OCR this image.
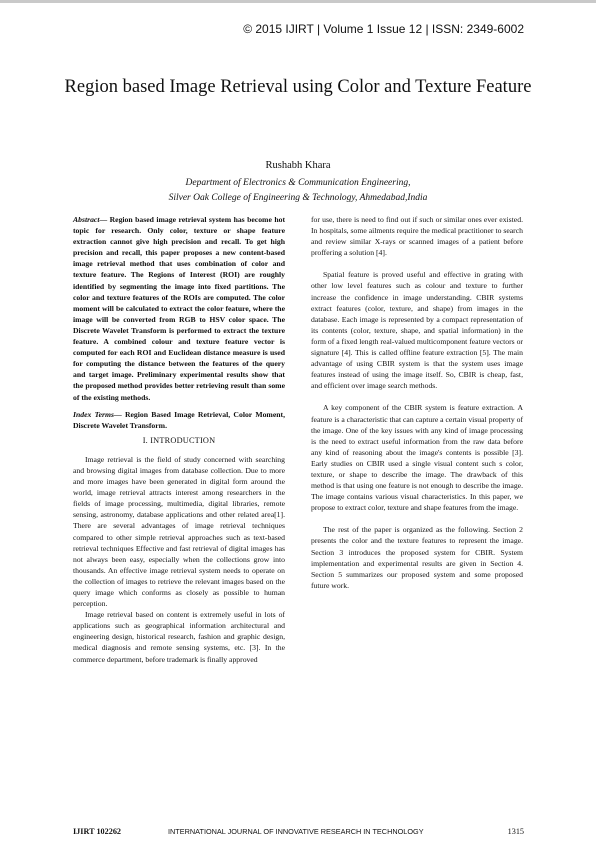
© 2015 IJIRT | Volume 1 Issue 12 | ISSN: 2349-6002
Region based Image Retrieval using Color and Texture Feature
Rushabh Khara
Department of Electronics & Communication Engineering,
Silver Oak College of Engineering & Technology, Ahmedabad,India

Abstract— Region based image retrieval system has become hot topic for research. Only color, texture or shape feature extraction cannot give high precision and recall. To get high precision and recall, this paper proposes a new content-based image retrieval method that uses combination of color and texture feature. The Regions of Interest (ROI) are roughly identified by segmenting the image into fixed partitions. The color and texture features of the ROIs are computed. The color moment will be calculated to extract the color feature, where the image will be converted from RGB to HSV color space. The Discrete Wavelet Transform is performed to extract the texture feature. A combined colour and texture feature vector is computed for each ROI and Euclidean distance measure is used for computing the distance between the features of the query and target image. Preliminary experimental results show that the proposed method provides better retrieving result than some of the existing methods.

Index Terms— Region Based Image Retrieval, Color Moment, Discrete Wavelet Transform.

I. INTRODUCTION

Image retrieval is the field of study concerned with searching and browsing digital images from database collection. Due to more and more images have been generated in digital form around the world, image retrieval attracts interest among researchers in the fields of image processing, multimedia, digital libraries, remote sensing, astronomy, database applications and other related area[1]. There are several advantages of image retrieval techniques compared to other simple retrieval approaches such as text-based retrieval techniques Effective and fast retrieval of digital images has not always been easy, especially when the collections grow into thousands. An effective image retrieval system needs to operate on the collection of images to retrieve the relevant images based on the query image which conforms as closely as possible to human perception.

Image retrieval based on content is extremely useful in lots of applications such as geographical information architectural and engineering design, historical research, fashion and graphic design, medical diagnosis and remote sensing systems, etc. [3]. In the commerce department, before trademark is finally approved

for use, there is need to find out if such or similar ones ever existed. In hospitals, some ailments require the medical practitioner to search and review similar X-rays or scanned images of a patient before proffering a solution [4].

Spatial feature is proved useful and effective in grating with other low level features such as colour and texture to further increase the confidence in image understanding. CBIR systems extract features (color, texture, and shape) from images in the database. Each image is represented by a compact representation of its contents (color, texture, shape, and spatial information) in the form of a fixed length real-valued multicomponent feature vectors or signature [4]. This is called offline feature extraction [5]. The main advantage of using CBIR system is that the system uses image features instead of using the image itself. So, CBIR is cheap, fast, and efficient over image search methods.

A key component of the CBIR system is feature extraction. A feature is a characteristic that can capture a certain visual property of the image. One of the key issues with any kind of image processing is the need to extract useful information from the raw data before any kind of reasoning about the image's contents is possible [3]. Early studies on CBIR used a single visual content such s color, texture, or shape to describe the image. The drawback of this method is that using one feature is not enough to describe the image. The image contains various visual characteristics. In this paper, we propose to extract color, texture and shape features from the image.

The rest of the paper is organized as the following. Section 2 presents the color and the texture features to represent the image. Section 3 introduces the proposed system for CBIR. System implementation and experimental results are given in Section 4. Section 5 summarizes our proposed system and some proposed future work.

IJIRT 102262	INTERNATIONAL JOURNAL OF INNOVATIVE RESEARCH IN TECHNOLOGY	1315
